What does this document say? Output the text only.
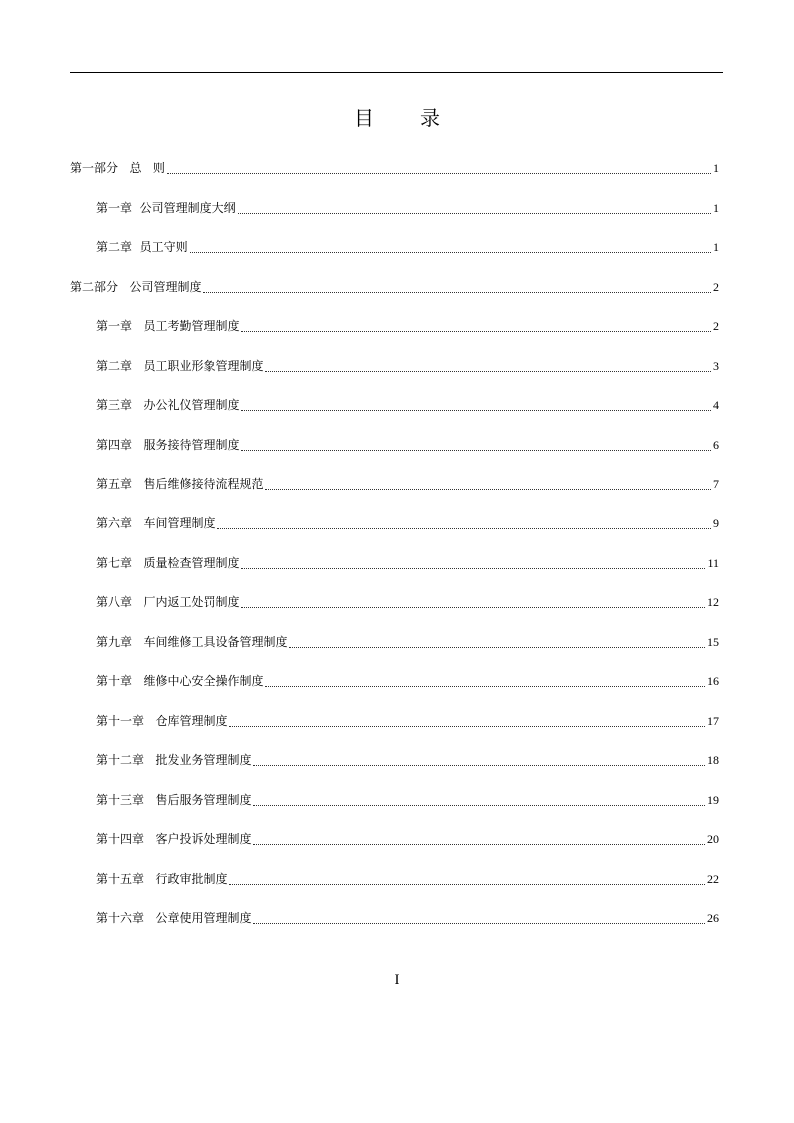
目 录
第一部分   总   则	1
第一章  公司管理制度大纲	1
第二章  员工守则	1
第二部分   公司管理制度	2
第一章   员工考勤管理制度	2
第二章   员工职业形象管理制度	3
第三章   办公礼仪管理制度	4
第四章   服务接待管理制度	6
第五章   售后维修接待流程规范	7
第六章   车间管理制度	9
第七章   质量检查管理制度	11
第八章   厂内返工处罚制度	12
第九章   车间维修工具设备管理制度	15
第十章   维修中心安全操作制度	16
第十一章   仓库管理制度	17
第十二章   批发业务管理制度	18
第十三章   售后服务管理制度	19
第十四章   客户投诉处理制度	20
第十五章   行政审批制度	22
第十六章   公章使用管理制度	26
I
